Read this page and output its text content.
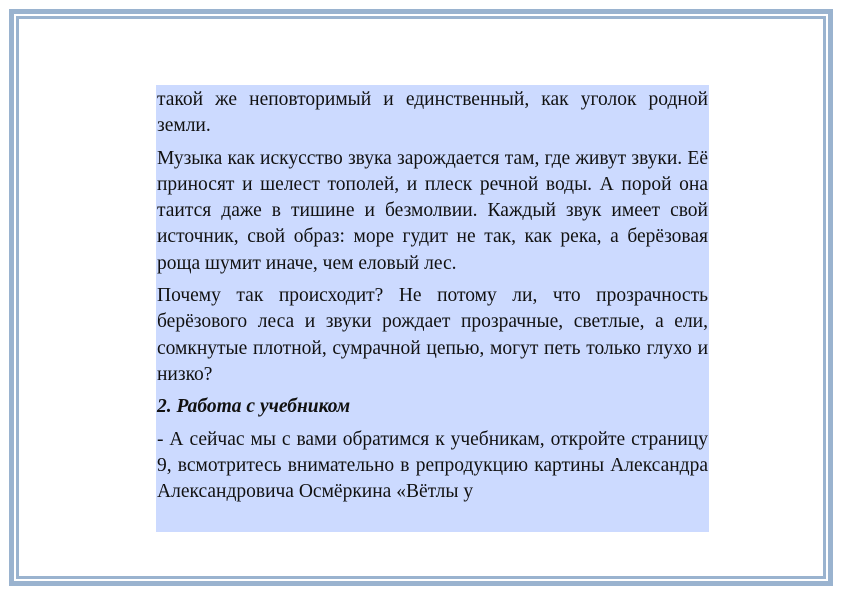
такой же неповторимый и единственный, как уголок родной земли.

Музыка как искусство звука зарождается там, где живут звуки. Её приносят и шелест тополей, и плеск речной воды. А порой она таится даже в тишине и безмолвии. Каждый звук имеет свой источник, свой образ: море гудит не так, как река, а берёзовая роща шумит иначе, чем еловый лес.

Почему так происходит? Не потому ли, что прозрачность берёзового леса и звуки рождает прозрачные, светлые, а ели, сомкнутые плотной, сумрачной цепью, могут петь только глухо и низко?

2. Работа с учебником

- А сейчас мы с вами обратимся к учебникам, откройте страницу 9, всмотритесь внимательно в репродукцию картины Александра Александровича Осмёркина «Вётлы у
